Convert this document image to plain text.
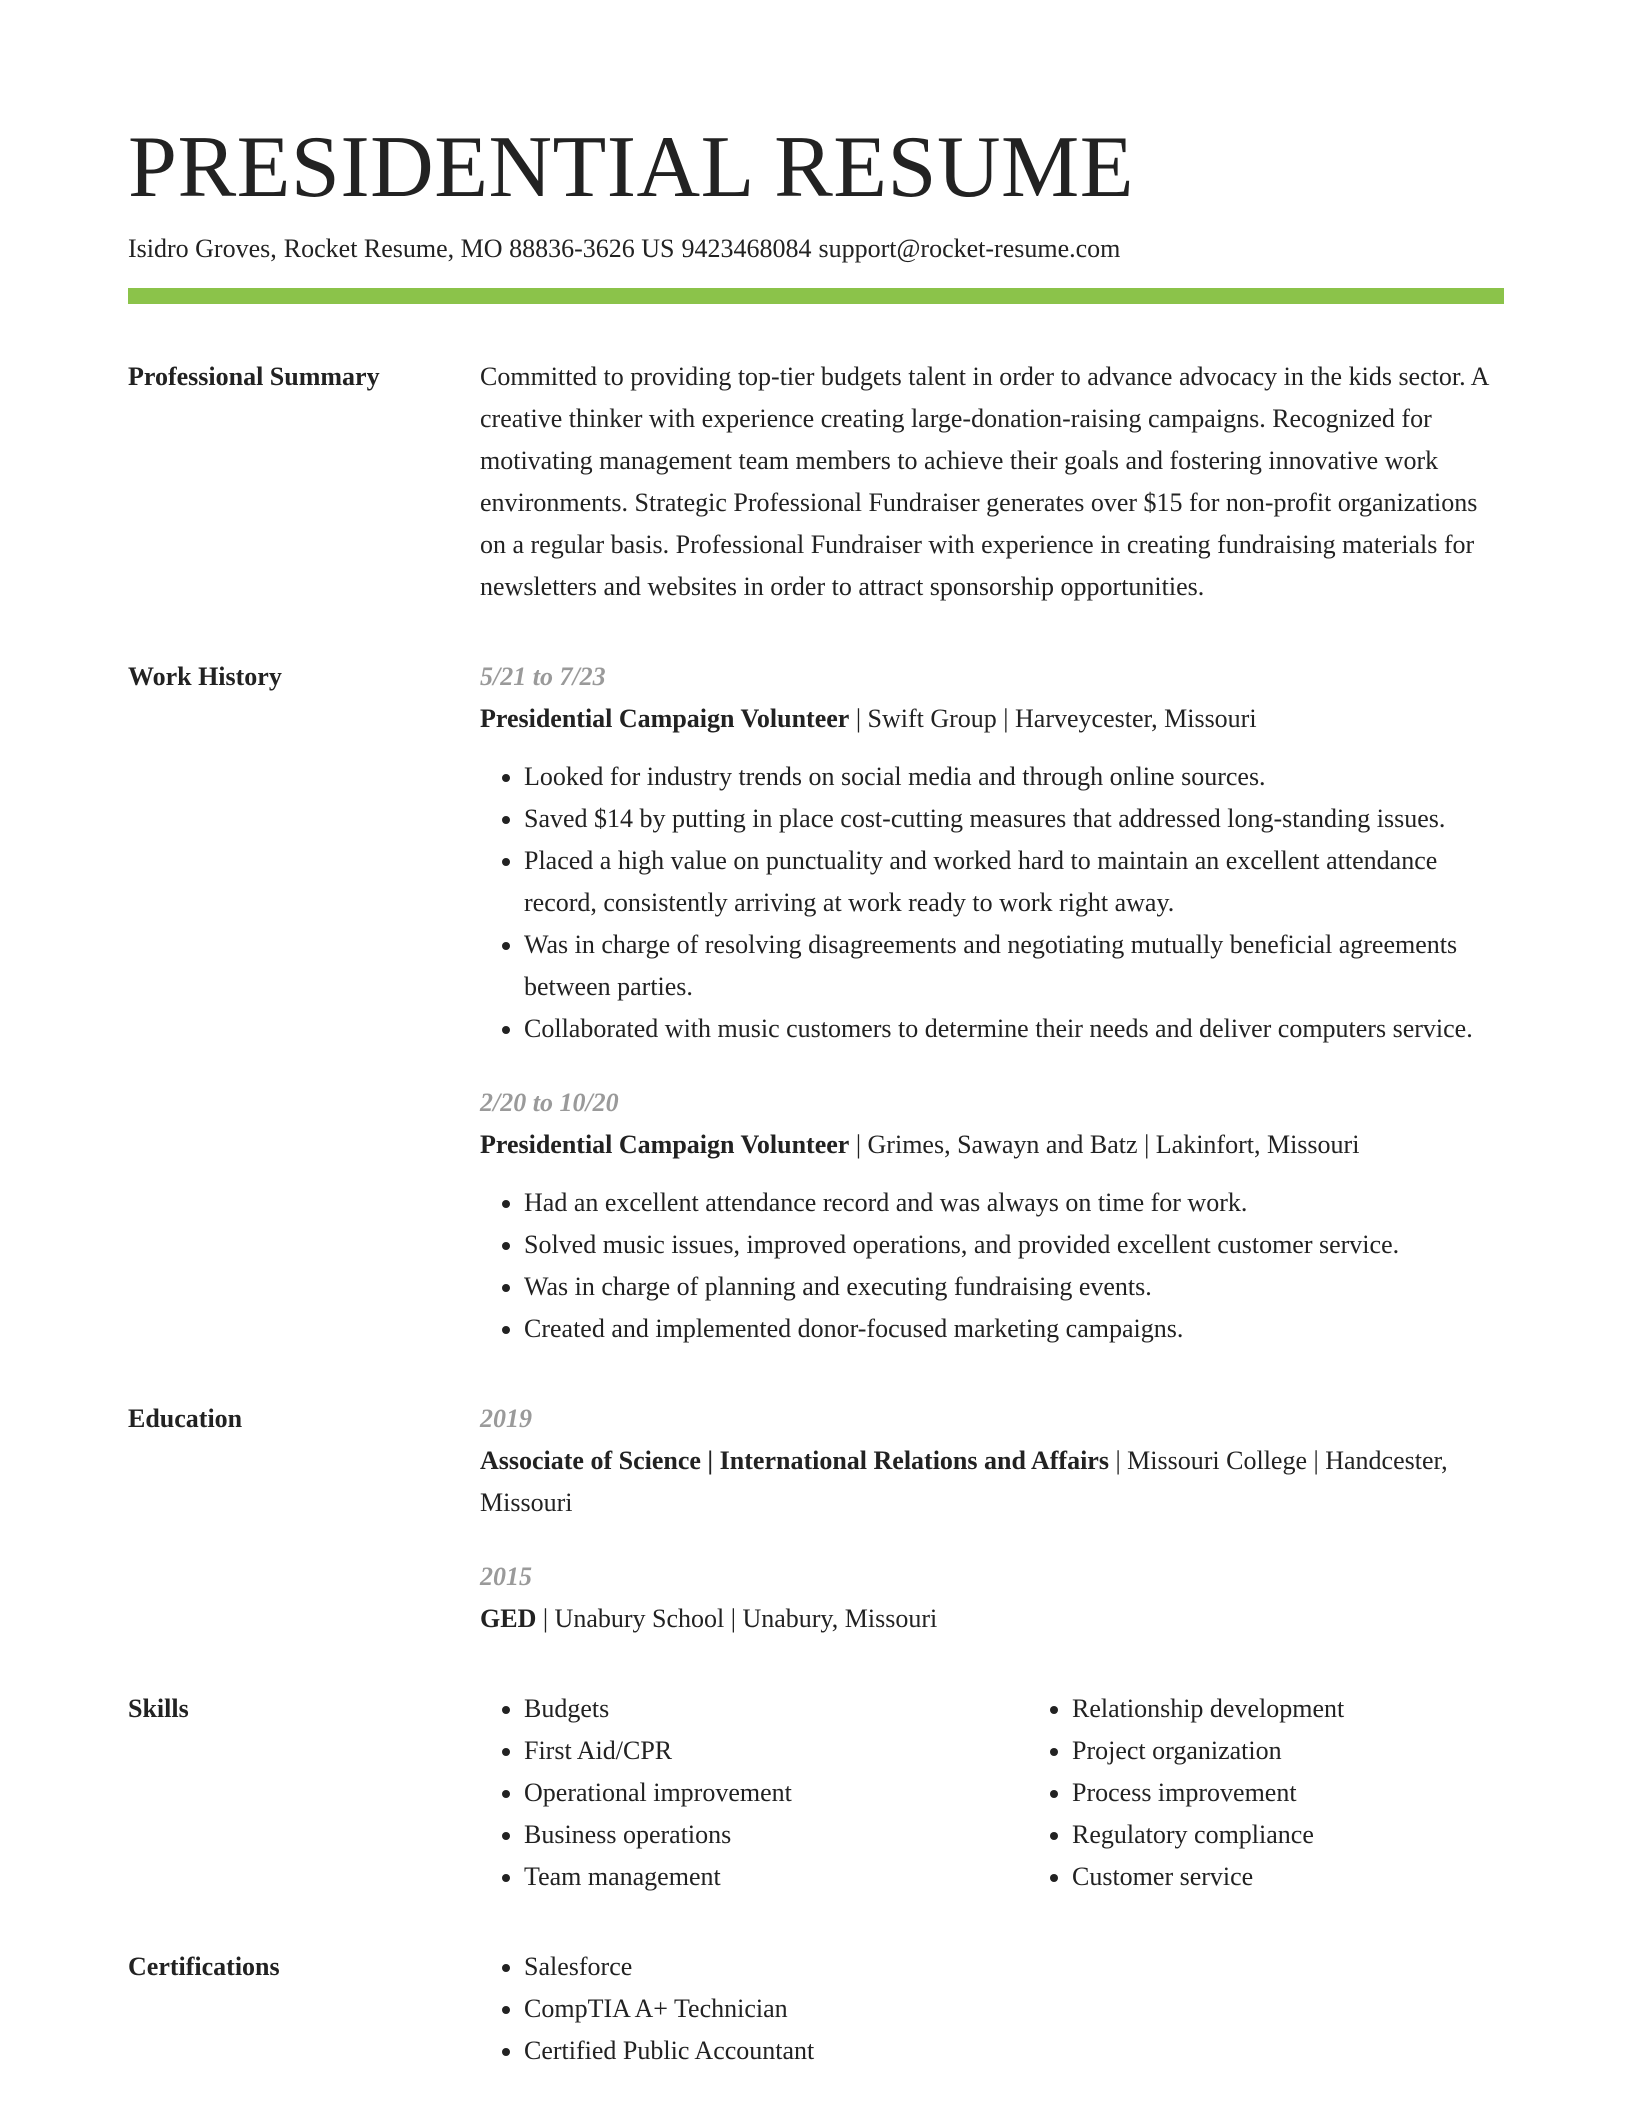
PRESIDENTIAL RESUME
Isidro Groves, Rocket Resume, MO 88836-3626 US 9423468084 support@rocket-resume.com
Professional Summary	Committed to providing top-tier budgets talent in order to advance advocacy in the kids sector. A creative thinker with experience creating large-donation-raising campaigns. Recognized for motivating management team members to achieve their goals and fostering innovative work environments. Strategic Professional Fundraiser generates over $15 for non-profit organizations on a regular basis. Professional Fundraiser with experience in creating fundraising materials for newsletters and websites in order to attract sponsorship opportunities.

Work History	5/21 to 7/23
Presidential Campaign Volunteer | Swift Group | Harveycester, Missouri
• Looked for industry trends on social media and through online sources.
• Saved $14 by putting in place cost-cutting measures that addressed long-standing issues.
• Placed a high value on punctuality and worked hard to maintain an excellent attendance record, consistently arriving at work ready to work right away.
• Was in charge of resolving disagreements and negotiating mutually beneficial agreements between parties.
• Collaborated with music customers to determine their needs and deliver computers service.
2/20 to 10/20
Presidential Campaign Volunteer | Grimes, Sawayn and Batz | Lakinfort, Missouri
• Had an excellent attendance record and was always on time for work.
• Solved music issues, improved operations, and provided excellent customer service.
• Was in charge of planning and executing fundraising events.
• Created and implemented donor-focused marketing campaigns.
Education	2019
Associate of Science | International Relations and Affairs | Missouri College | Handcester, Missouri
2015
GED | Unabury School | Unabury, Missouri
Skills	• Budgets
• First Aid/CPR
• Operational improvement
• Business operations
• Team management
• Relationship development
• Project organization
• Process improvement
• Regulatory compliance
• Customer service
Certifications	• Salesforce
• CompTIA A+ Technician
• Certified Public Accountant
